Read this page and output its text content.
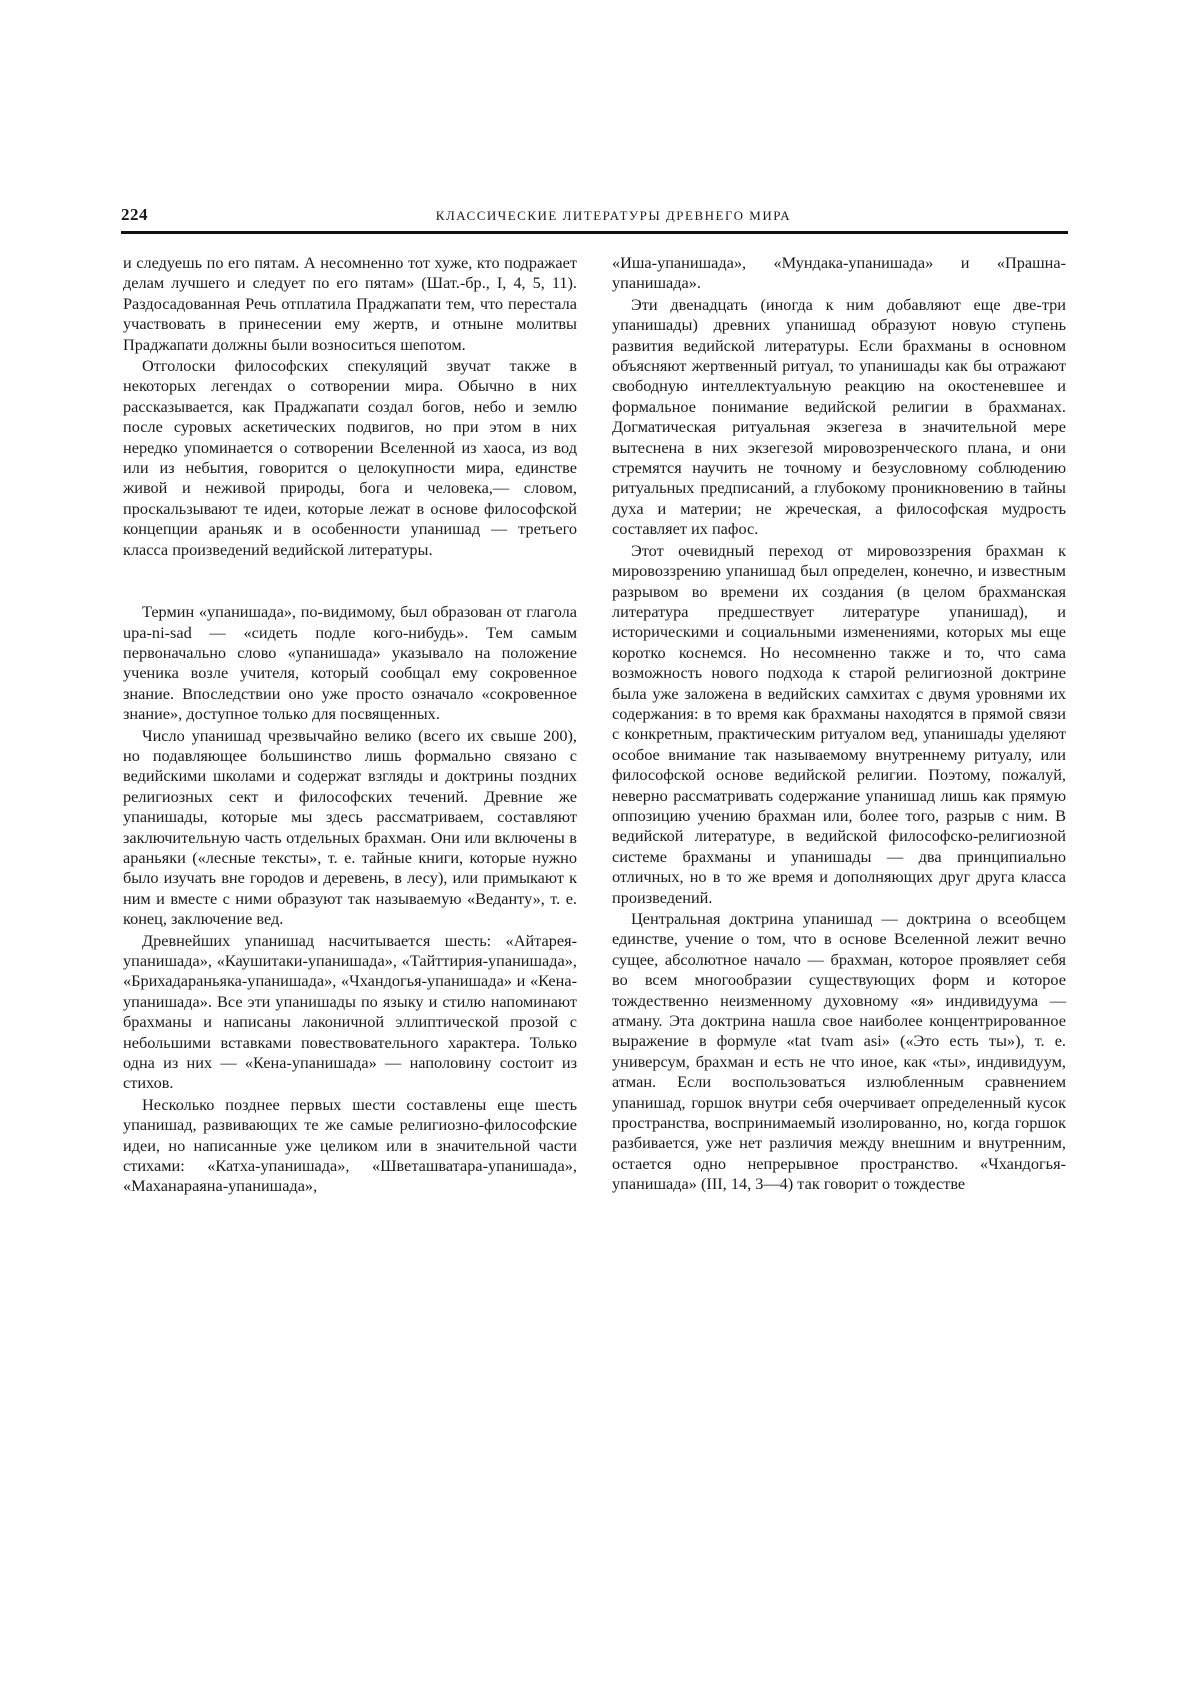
224	КЛАССИЧЕСКИЕ ЛИТЕРАТУРЫ ДРЕВНЕГО МИРА

и следуешь по его пятам. А несомненно тот хуже, кто подражает делам лучшего и следует по его пятам» (Шат.-бр., I, 4, 5, 11). Раздосадованная Речь отплатила Праджапати тем, что перестала участвовать в принесении ему жертв, и отныне молитвы Праджапати должны были возноситься шепотом.

Отголоски философских спекуляций звучат также в некоторых легендах о сотворении мира. Обычно в них рассказывается, как Праджапати создал богов, небо и землю после суровых аскетических подвигов, но при этом в них нередко упоминается о сотворении Вселенной из хаоса, из вод или из небытия, говорится о целокупности мира, единстве живой и неживой природы, бога и человека,— словом, проскальзывают те идеи, которые лежат в основе философской концепции араньяк и в особенности упанишад — третьего класса произведений ведийской литературы.

Термин «упанишада», по-видимому, был образован от глагола upa-ni-sad — «сидеть подле кого-нибудь». Тем самым первоначально слово «упанишада» указывало на положение ученика возле учителя, который сообщал ему сокровенное знание. Впоследствии оно уже просто означало «сокровенное знание», доступное только для посвященных.

Число упанишад чрезвычайно велико (всего их свыше 200), но подавляющее большинство лишь формально связано с ведийскими школами и содержат взгляды и доктрины поздних религиозных сект и философских течений. Древние же упанишады, которые мы здесь рассматриваем, составляют заключительную часть отдельных брахман. Они или включены в араньяки («лесные тексты», т. е. тайные книги, которые нужно было изучать вне городов и деревень, в лесу), или примыкают к ним и вместе с ними образуют так называемую «Веданту», т. е. конец, заключение вед.

Древнейших упанишад насчитывается шесть: «Айтарея-упанишада», «Каушитаки-упанишада», «Тайттирия-упанишада», «Брихадараньяка-упанишада», «Чхандогья-упанишада» и «Кена-упанишада». Все эти упанишады по языку и стилю напоминают брахманы и написаны лаконичной эллиптической прозой с небольшими вставками повествовательного характера. Только одна из них — «Кена-упанишада» — наполовину состоит из стихов.

Несколько позднее первых шести составлены еще шесть упанишад, развивающих те же самые религиозно-философские идеи, но написанные уже целиком или в значительной части стихами: «Катха-упанишада», «Шветашватара-упанишада», «Маханараяна-упанишада»,

«Иша-упанишада», «Мундака-упанишада» и «Прашна-упанишада».

Эти двенадцать (иногда к ним добавляют еще две-три упанишады) древних упанишад образуют новую ступень развития ведийской литературы. Если брахманы в основном объясняют жертвенный ритуал, то упанишады как бы отражают свободную интеллектуальную реакцию на окостеневшее и формальное понимание ведийской религии в брахманах. Догматическая ритуальная экзегеза в значительной мере вытеснена в них экзегезой мировозренческого плана, и они стремятся научить не точному и безусловному соблюдению ритуальных предписаний, а глубокому проникновению в тайны духа и материи; не жреческая, а философская мудрость составляет их пафос.

Этот очевидный переход от мировоззрения брахман к мировоззрению упанишад был определен, конечно, и известным разрывом во времени их создания (в целом брахманская литература предшествует литературе упанишад), и историческими и социальными изменениями, которых мы еще коротко коснемся. Но несомненно также и то, что сама возможность нового подхода к старой религиозной доктрине была уже заложена в ведийских самхитах с двумя уровнями их содержания: в то время как брахманы находятся в прямой связи с конкретным, практическим ритуалом вед, упанишады уделяют особое внимание так называемому внутреннему ритуалу, или философской основе ведийской религии. Поэтому, пожалуй, неверно рассматривать содержание упанишад лишь как прямую оппозицию учению брахман или, более того, разрыв с ним. В ведийской литературе, в ведийской философско-религиозной системе брахманы и упанишады — два принципиально отличных, но в то же время и дополняющих друг друга класса произведений.

Центральная доктрина упанишад — доктрина о всеобщем единстве, учение о том, что в основе Вселенной лежит вечно сущее, абсолютное начало — брахман, которое проявляет себя во всем многообразии существующих форм и которое тождественно неизменному духовному «я» индивидуума — атману. Эта доктрина нашла свое наиболее концентрированное выражение в формуле «tat tvam asi» («Это есть ты»), т. е. универсум, брахман и есть не что иное, как «ты», индивидуум, атман. Если воспользоваться излюбленным сравнением упанишад, горшок внутри себя очерчивает определенный кусок пространства, воспринимаемый изолированно, но, когда горшок разбивается, уже нет различия между внешним и внутренним, остается одно непрерывное пространство. «Чхандогья-упанишада» (III, 14, 3—4) так говорит о тождестве
